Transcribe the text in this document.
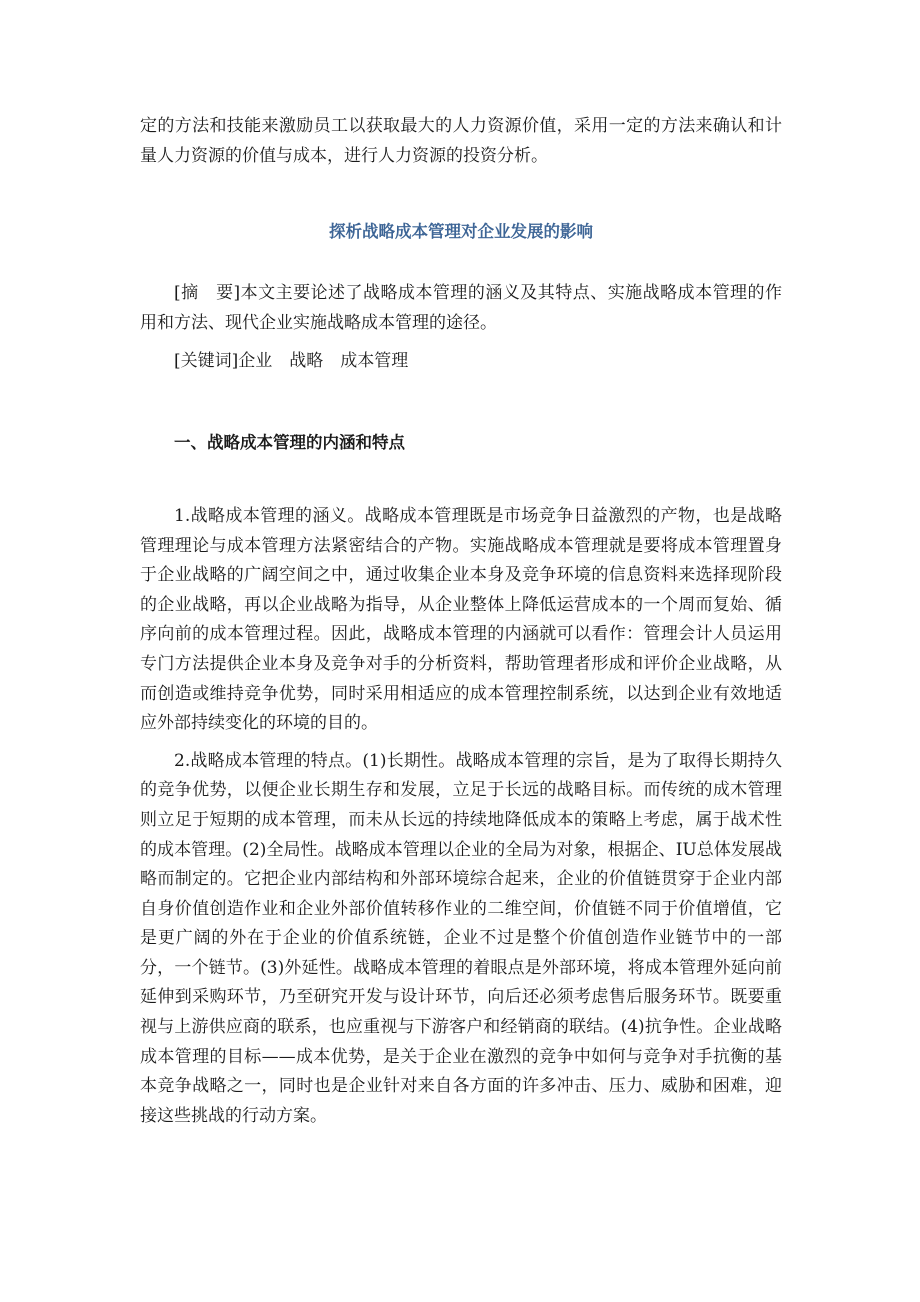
定的方法和技能来激励员工以获取最大的人力资源价值，采用一定的方法来确认和计量人力资源的价值与成本，进行人力资源的投资分析。

探析战略成本管理对企业发展的影响

[摘　要]本文主要论述了战略成本管理的涵义及其特点、实施战略成本管理的作用和方法、现代企业实施战略成本管理的途径。

[关键词]企业　战略　成本管理

一、战略成本管理的内涵和特点

1.战略成本管理的涵义。战略成本管理既是市场竞争日益激烈的产物，也是战略管理理论与成本管理方法紧密结合的产物。实施战略成本管理就是要将成本管理置身于企业战略的广阔空间之中，通过收集企业本身及竞争环境的信息资料来选择现阶段的企业战略，再以企业战略为指导，从企业整体上降低运营成本的一个周而复始、循序向前的成本管理过程。因此，战略成本管理的内涵就可以看作：管理会计人员运用专门方法提供企业本身及竞争对手的分析资料，帮助管理者形成和评价企业战略，从而创造或维持竞争优势，同时采用相适应的成本管理控制系统，以达到企业有效地适应外部持续变化的环境的目的。

2.战略成本管理的特点。(1)长期性。战略成本管理的宗旨，是为了取得长期持久的竞争优势，以便企业长期生存和发展，立足于长远的战略目标。而传统的成木管理则立足于短期的成本管理，而未从长远的持续地降低成本的策略上考虑，属于战术性的成本管理。(2)全局性。战略成本管理以企业的全局为对象，根据企、IU总体发展战略而制定的。它把企业内部结构和外部环境综合起来，企业的价值链贯穿于企业内部自身价值创造作业和企业外部价值转移作业的二维空间，价值链不同于价值增值，它是更广阔的外在于企业的价值系统链，企业不过是整个价值创造作业链节中的一部分，一个链节。(3)外延性。战略成本管理的着眼点是外部环境，将成本管理外延向前延伸到采购环节，乃至研究开发与设计环节，向后还必须考虑售后服务环节。既要重视与上游供应商的联系，也应重视与下游客户和经销商的联结。(4)抗争性。企业战略成本管理的目标——成本优势，是关于企业在激烈的竞争中如何与竞争对手抗衡的基本竞争战略之一，同时也是企业针对来自各方面的许多冲击、压力、威胁和困难，迎接这些挑战的行动方案。
